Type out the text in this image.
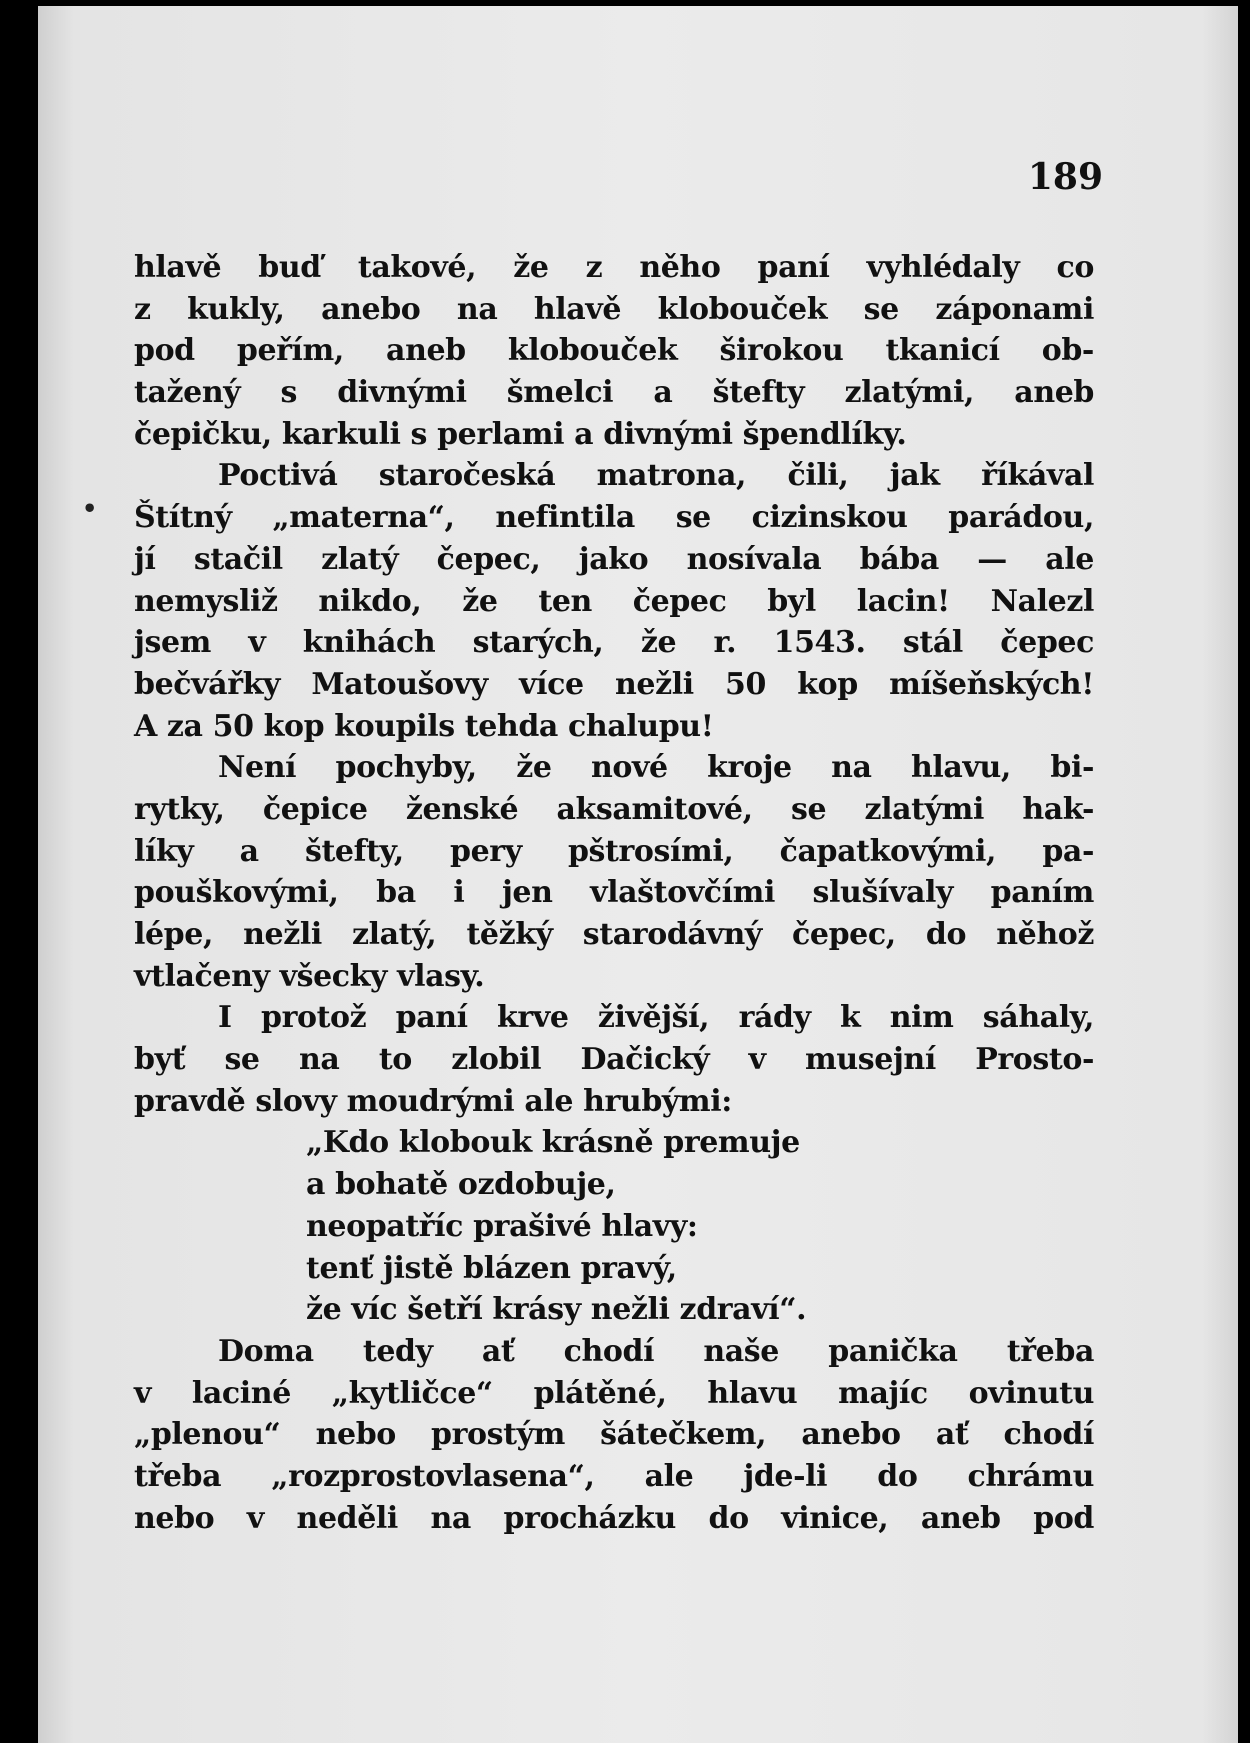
189
•
hlavě buď takové, že z něho paní vyhlédaly co
z kukly, anebo na hlavě klobouček se záponami
pod peřím, aneb klobouček širokou tkanicí ob-
tažený s divnými šmelci a štefty zlatými, aneb
čepičku, karkuli s perlami a divnými špendlíky.
Poctivá staročeská matrona, čili, jak říkával
Štítný „materna“, nefintila se cizinskou parádou,
jí stačil zlatý čepec, jako nosívala bába — ale
nemysliž nikdo, že ten čepec byl lacin! Nalezl
jsem v knihách starých, že r. 1543. stál čepec
bečvářky Matoušovy více nežli 50 kop míšeňských!
A za 50 kop koupils tehda chalupu!
Není pochyby, že nové kroje na hlavu, bi-
rytky, čepice ženské aksamitové, se zlatými hak-
líky a štefty, pery pštrosími, čapatkovými, pa-
pouškovými, ba i jen vlaštovčími slušívaly paním
lépe, nežli zlatý, těžký starodávný čepec, do něhož
vtlačeny všecky vlasy.
I protož paní krve živější, rády k nim sáhaly,
byť se na to zlobil Dačický v musejní Prosto-
pravdě slovy moudrými ale hrubými:
„Kdo klobouk krásně premuje
a bohatě ozdobuje,
neopatříc prašivé hlavy:
tenť jistě blázen pravý,
že víc šetří krásy nežli zdraví“.
Doma tedy ať chodí naše panička třeba
v laciné „kytličce“ plátěné, hlavu majíc ovinutu
„plenou“ nebo prostým šátečkem, anebo ať chodí
třeba „rozprostovlasena“, ale jde-li do chrámu
nebo v neděli na procházku do vinice, aneb pod
